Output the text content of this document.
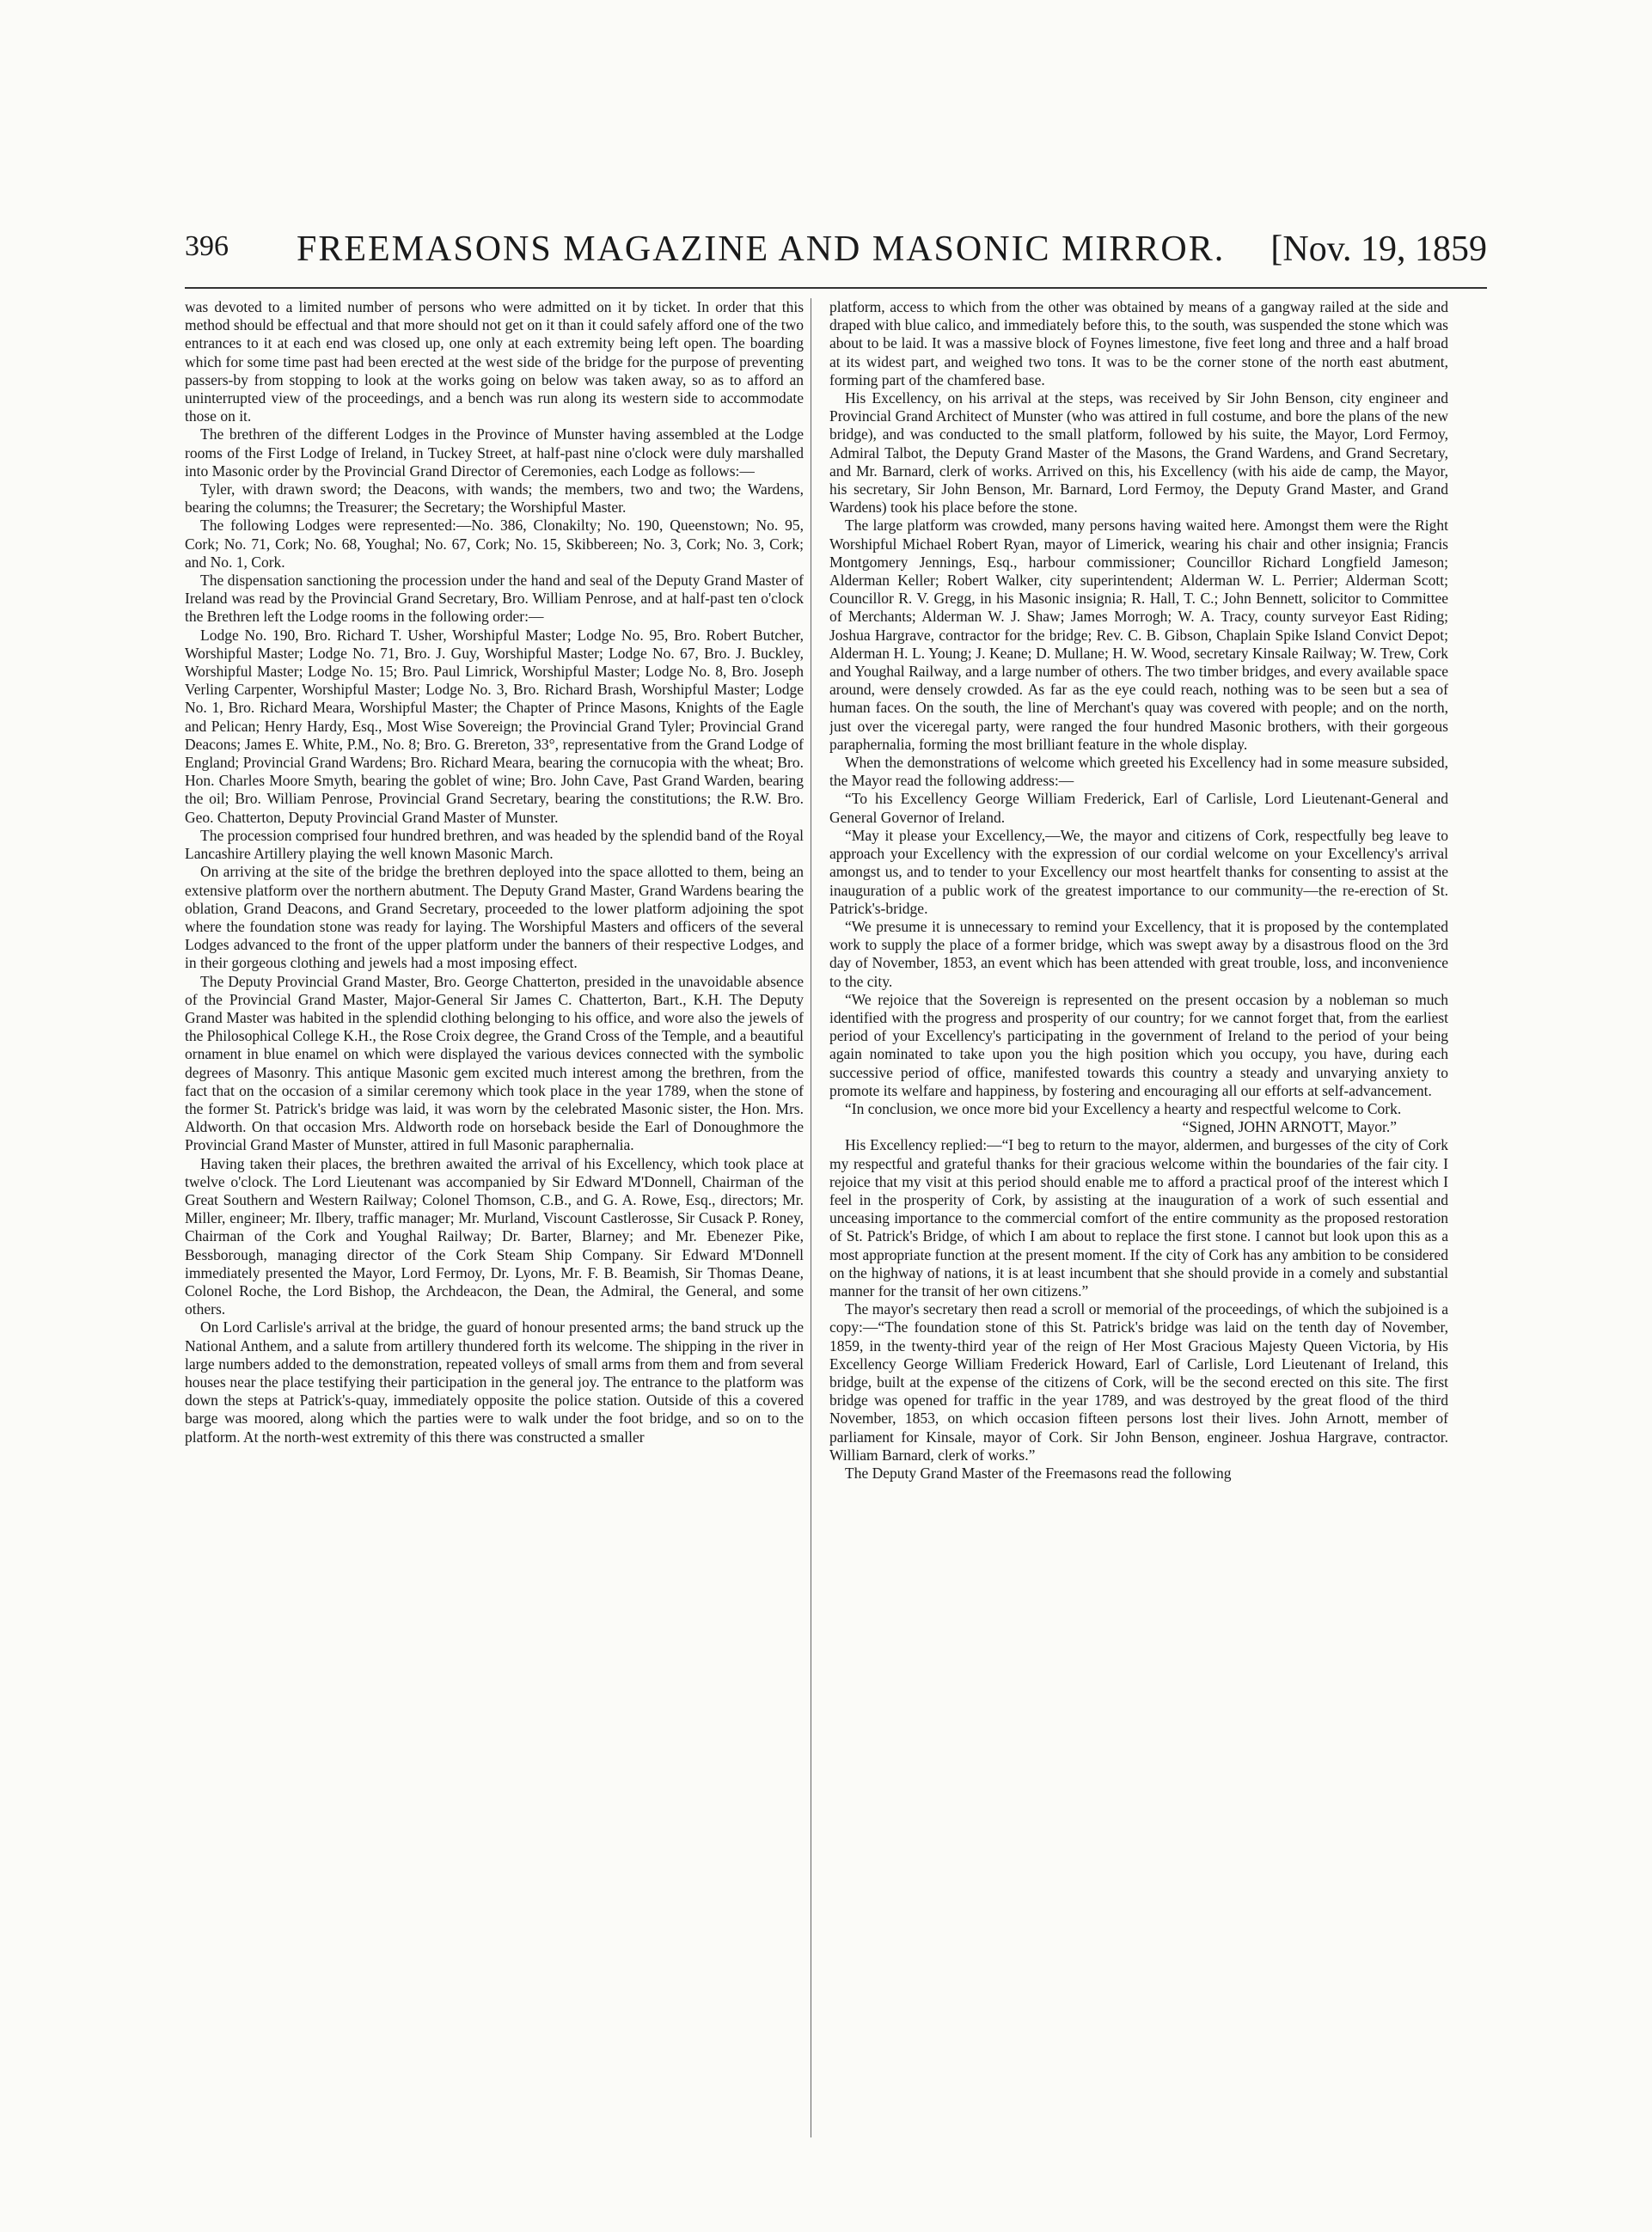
396 FREEMASONS MAGAZINE AND MASONIC MIRROR. [Nov. 19, 1859

was devoted to a limited number of persons who were admitted on it by ticket. In order that this method should be effectual and that more should not get on it than it could safely afford one of the two entrances to it at each end was closed up, one only at each extremity being left open. The boarding which for some time past had been erected at the west side of the bridge for the purpose of preventing passers-by from stopping to look at the works going on below was taken away, so as to afford an uninterrupted view of the proceedings, and a bench was run along its western side to accommodate those on it.

The brethren of the different Lodges in the Province of Munster having assembled at the Lodge rooms of the First Lodge of Ireland, in Tuckey Street, at half-past nine o'clock were duly marshalled into Masonic order by the Provincial Grand Director of Ceremonies, each Lodge as follows:—

Tyler, with drawn sword; the Deacons, with wands; the members, two and two; the Wardens, bearing the columns; the Treasurer; the Secretary; the Worshipful Master.

The following Lodges were represented:—No. 386, Clonakilty; No. 190, Queenstown; No. 95, Cork; No. 71, Cork; No. 68, Youghal; No. 67, Cork; No. 15, Skibbereen; No. 3, Cork; No. 3, Cork; and No. 1, Cork.

The dispensation sanctioning the procession under the hand and seal of the Deputy Grand Master of Ireland was read by the Provincial Grand Secretary, Bro. William Penrose, and at half-past ten o'clock the Brethren left the Lodge rooms in the following order:—

Lodge No. 190, Bro. Richard T. Usher, Worshipful Master; Lodge No. 95, Bro. Robert Butcher, Worshipful Master; Lodge No. 71, Bro. J. Guy, Worshipful Master; Lodge No. 67, Bro. J. Buckley, Worshipful Master; Lodge No. 15; Bro. Paul Limrick, Worshipful Master; Lodge No. 8, Bro. Joseph Verling Carpenter, Worshipful Master; Lodge No. 3, Bro. Richard Brash, Worshipful Master; Lodge No. 1, Bro. Richard Meara, Worshipful Master; the Chapter of Prince Masons, Knights of the Eagle and Pelican; Henry Hardy, Esq., Most Wise Sovereign; the Provincial Grand Tyler; Provincial Grand Deacons; James E. White, P.M., No. 8; Bro. G. Brereton, 33°, representative from the Grand Lodge of England; Provincial Grand Wardens; Bro. Richard Meara, bearing the cornucopia with the wheat; Bro. Hon. Charles Moore Smyth, bearing the goblet of wine; Bro. John Cave, Past Grand Warden, bearing the oil; Bro. William Penrose, Provincial Grand Secretary, bearing the constitutions; the R.W. Bro. Geo. Chatterton, Deputy Provincial Grand Master of Munster.

The procession comprised four hundred brethren, and was headed by the splendid band of the Royal Lancashire Artillery playing the well known Masonic March.

On arriving at the site of the bridge the brethren deployed into the space allotted to them, being an extensive platform over the northern abutment. The Deputy Grand Master, Grand Wardens bearing the oblation, Grand Deacons, and Grand Secretary, proceeded to the lower platform adjoining the spot where the foundation stone was ready for laying. The Worshipful Masters and officers of the several Lodges advanced to the front of the upper platform under the banners of their respective Lodges, and in their gorgeous clothing and jewels had a most imposing effect.

The Deputy Provincial Grand Master, Bro. George Chatterton, presided in the unavoidable absence of the Provincial Grand Master, Major-General Sir James C. Chatterton, Bart., K.H. The Deputy Grand Master was habited in the splendid clothing belonging to his office, and wore also the jewels of the Philosophical College K.H., the Rose Croix degree, the Grand Cross of the Temple, and a beautiful ornament in blue enamel on which were displayed the various devices connected with the symbolic degrees of Masonry. This antique Masonic gem excited much interest among the brethren, from the fact that on the occasion of a similar ceremony which took place in the year 1789, when the stone of the former St. Patrick's bridge was laid, it was worn by the celebrated Masonic sister, the Hon. Mrs. Aldworth. On that occasion Mrs. Aldworth rode on horseback beside the Earl of Donoughmore the Provincial Grand Master of Munster, attired in full Masonic paraphernalia.

Having taken their places, the brethren awaited the arrival of his Excellency, which took place at twelve o'clock. The Lord Lieutenant was accompanied by Sir Edward M'Donnell, Chairman of the Great Southern and Western Railway; Colonel Thomson, C.B., and G. A. Rowe, Esq., directors; Mr. Miller, engineer; Mr. Ilbery, traffic manager; Mr. Murland, Viscount Castlerosse, Sir Cusack P. Roney, Chairman of the Cork and Youghal Railway; Dr. Barter, Blarney; and Mr. Ebenezer Pike, Bessborough, managing director of the Cork Steam Ship Company. Sir Edward M'Donnell immediately presented the Mayor, Lord Fermoy, Dr. Lyons, Mr. F. B. Beamish, Sir Thomas Deane, Colonel Roche, the Lord Bishop, the Archdeacon, the Dean, the Admiral, the General, and some others.

On Lord Carlisle's arrival at the bridge, the guard of honour presented arms; the band struck up the National Anthem, and a salute from artillery thundered forth its welcome. The shipping in the river in large numbers added to the demonstration, repeated volleys of small arms from them and from several houses near the place testifying their participation in the general joy. The entrance to the platform was down the steps at Patrick's-quay, immediately opposite the police station. Outside of this a covered barge was moored, along which the parties were to walk under the foot bridge, and so on to the platform. At the north-west extremity of this there was constructed a smaller

platform, access to which from the other was obtained by means of a gangway railed at the side and draped with blue calico, and immediately before this, to the south, was suspended the stone which was about to be laid. It was a massive block of Foynes limestone, five feet long and three and a half broad at its widest part, and weighed two tons. It was to be the corner stone of the north east abutment, forming part of the chamfered base.

His Excellency, on his arrival at the steps, was received by Sir John Benson, city engineer and Provincial Grand Architect of Munster (who was attired in full costume, and bore the plans of the new bridge), and was conducted to the small platform, followed by his suite, the Mayor, Lord Fermoy, Admiral Talbot, the Deputy Grand Master of the Masons, the Grand Wardens, and Grand Secretary, and Mr. Barnard, clerk of works. Arrived on this, his Excellency (with his aide de camp, the Mayor, his secretary, Sir John Benson, Mr. Barnard, Lord Fermoy, the Deputy Grand Master, and Grand Wardens) took his place before the stone.

The large platform was crowded, many persons having waited here. Amongst them were the Right Worshipful Michael Robert Ryan, mayor of Limerick, wearing his chair and other insignia; Francis Montgomery Jennings, Esq., harbour commissioner; Councillor Richard Longfield Jameson; Alderman Keller; Robert Walker, city superintendent; Alderman W. L. Perrier; Alderman Scott; Councillor R. V. Gregg, in his Masonic insignia; R. Hall, T. C.; John Bennett, solicitor to Committee of Merchants; Alderman W. J. Shaw; James Morrogh; W. A. Tracy, county surveyor East Riding; Joshua Hargrave, contractor for the bridge; Rev. C. B. Gibson, Chaplain Spike Island Convict Depot; Alderman H. L. Young; J. Keane; D. Mullane; H. W. Wood, secretary Kinsale Railway; W. Trew, Cork and Youghal Railway, and a large number of others. The two timber bridges, and every available space around, were densely crowded. As far as the eye could reach, nothing was to be seen but a sea of human faces. On the south, the line of Merchant's quay was covered with people; and on the north, just over the viceregal party, were ranged the four hundred Masonic brothers, with their gorgeous paraphernalia, forming the most brilliant feature in the whole display.

When the demonstrations of welcome which greeted his Excellency had in some measure subsided, the Mayor read the following address:—

“To his Excellency George William Frederick, Earl of Carlisle, Lord Lieutenant-General and General Governor of Ireland.

“May it please your Excellency,—We, the mayor and citizens of Cork, respectfully beg leave to approach your Excellency with the expression of our cordial welcome on your Excellency's arrival amongst us, and to tender to your Excellency our most heartfelt thanks for consenting to assist at the inauguration of a public work of the greatest importance to our community—the re-erection of St. Patrick's-bridge.

“We presume it is unnecessary to remind your Excellency, that it is proposed by the contemplated work to supply the place of a former bridge, which was swept away by a disastrous flood on the 3rd day of November, 1853, an event which has been attended with great trouble, loss, and inconvenience to the city.

“We rejoice that the Sovereign is represented on the present occasion by a nobleman so much identified with the progress and prosperity of our country; for we cannot forget that, from the earliest period of your Excellency's participating in the government of Ireland to the period of your being again nominated to take upon you the high position which you occupy, you have, during each successive period of office, manifested towards this country a steady and unvarying anxiety to promote its welfare and happiness, by fostering and encouraging all our efforts at self-advancement.

“In conclusion, we once more bid your Excellency a hearty and respectful welcome to Cork.

“Signed, JOHN ARNOTT, Mayor.”

His Excellency replied:—“I beg to return to the mayor, aldermen, and burgesses of the city of Cork my respectful and grateful thanks for their gracious welcome within the boundaries of the fair city. I rejoice that my visit at this period should enable me to afford a practical proof of the interest which I feel in the prosperity of Cork, by assisting at the inauguration of a work of such essential and unceasing importance to the commercial comfort of the entire community as the proposed restoration of St. Patrick's Bridge, of which I am about to replace the first stone. I cannot but look upon this as a most appropriate function at the present moment. If the city of Cork has any ambition to be considered on the highway of nations, it is at least incumbent that she should provide in a comely and substantial manner for the transit of her own citizens.”

The mayor's secretary then read a scroll or memorial of the proceedings, of which the subjoined is a copy:—“The foundation stone of this St. Patrick's bridge was laid on the tenth day of November, 1859, in the twenty-third year of the reign of Her Most Gracious Majesty Queen Victoria, by His Excellency George William Frederick Howard, Earl of Carlisle, Lord Lieutenant of Ireland, this bridge, built at the expense of the citizens of Cork, will be the second erected on this site. The first bridge was opened for traffic in the year 1789, and was destroyed by the great flood of the third November, 1853, on which occasion fifteen persons lost their lives. John Arnott, member of parliament for Kinsale, mayor of Cork. Sir John Benson, engineer. Joshua Hargrave, contractor. William Barnard, clerk of works.”

The Deputy Grand Master of the Freemasons read the following
